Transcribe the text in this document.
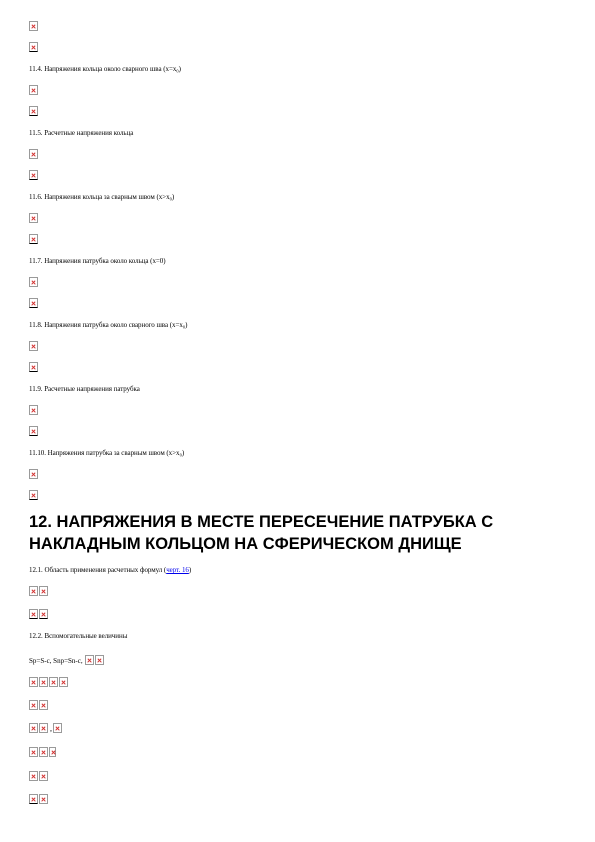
11.4. Напряжения кольца около сварного шва (x=x₀)
11.5. Расчетные напряжения кольца
11.6. Напряжения кольца за сварным швом (x>x₀)
11.7. Напряжения патрубка около кольца (x=0)
11.8. Напряжения патрубка около сварного шва (x=x₀)
11.9. Расчетные напряжения патрубка
11.10. Напряжения патрубка за сварным швом (x>x₀)
12. НАПРЯЖЕНИЯ В МЕСТЕ ПЕРЕСЕЧЕНИЕ ПАТРУБКА С
НАКЛАДНЫМ КОЛЬЦОМ НА СФЕРИЧЕСКОМ ДНИЩЕ
12.1. Область применения расчетных формул (черт. 16)
12.2. Вспомогательные величины
Sp=S-c, Snp=Sn-c,
,
